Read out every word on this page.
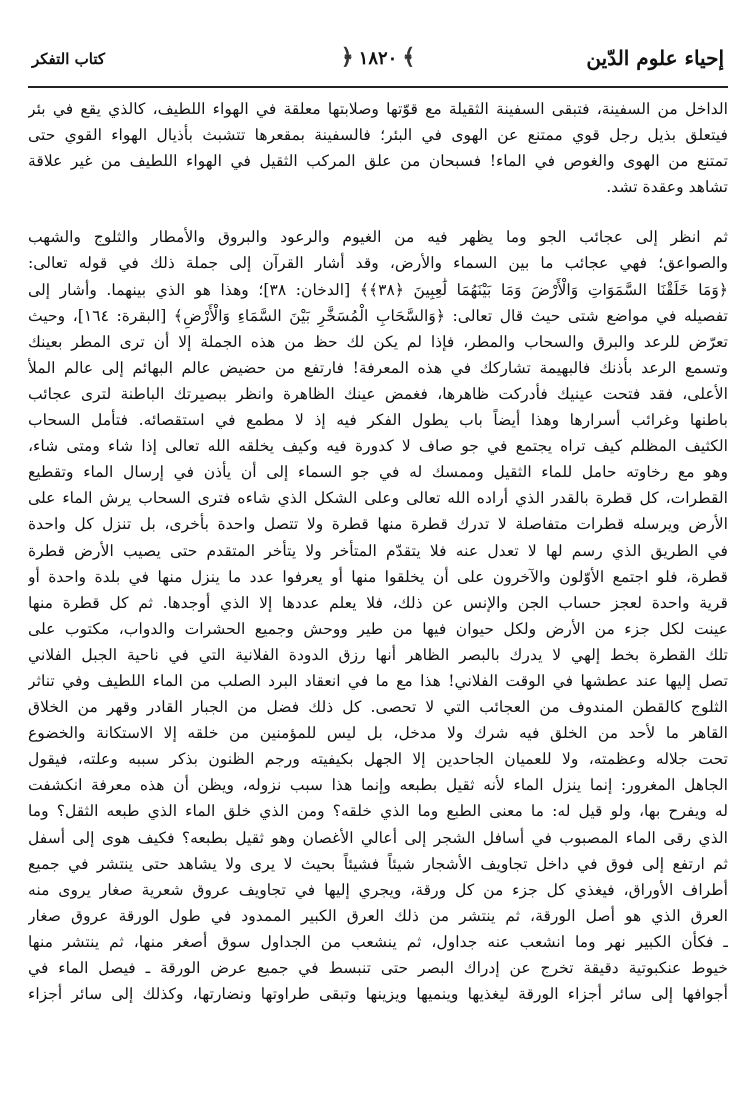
إحياء علوم الدّين
﴿ ١٨٢٠ ﴾
كتاب التفكر
الداخل من السفينة، فتبقى السفينة الثقيلة مع قوّتها وصلابتها معلقة في الهواء اللطيف، كالذي يقع في بئر
فيتعلق بذيل رجل قوي ممتنع عن الهوى في البئر؛ فالسفينة بمقعرها تتشبث بأذيال الهواء القوي حتى
تمتنع من الهوى والغوص في الماء! فسبحان من علق المركب الثقيل في الهواء اللطيف من غير علاقة
تشاهد وعقدة تشد.
ثم انظر إلى عجائب الجو وما يظهر فيه من الغيوم والرعود والبروق والأمطار والثلوج والشهب
والصواعق؛ فهي عجائب ما بين السماء والأرض، وقد أشار القرآن إلى جملة ذلك في قوله تعالى:
﴿وَمَا خَلَقْنَا السَّمَوَاتِ وَالْأَرْضَ وَمَا بَيْنَهُمَا لَٰعِبِينَ ﴿٣٨﴾﴾ [الدخان: ٣٨]؛ وهذا هو الذي بينهما. وأشار إلى
تفصيله في مواضع شتى حيث قال تعالى: ﴿وَالسَّحَابِ الْمُسَخَّرِ بَيْنَ السَّمَاءِ وَالْأَرْضِ﴾ [البقرة: ١٦٤]، وحيث
تعرّض للرعد والبرق والسحاب والمطر، فإذا لم يكن لك حظ من هذه الجملة إلا أن ترى المطر بعينك
وتسمع الرعد بأذنك فالبهيمة تشاركك في هذه المعرفة! فارتفع من حضيض عالم البهائم إلى عالم الملأ
الأعلى، فقد فتحت عينيك فأدركت ظاهرها، فغمض عينك الظاهرة وانظر ببصيرتك الباطنة لترى عجائب
باطنها وغرائب أسرارها وهذا أيضاً باب يطول الفكر فيه إذ لا مطمع في استقصائه. فتأمل السحاب
الكثيف المظلم كيف تراه يجتمع في جو صاف لا كدورة فيه وكيف يخلقه الله تعالى إذا شاء ومتى شاء،
وهو مع رخاوته حامل للماء الثقيل وممسك له في جو السماء إلى أن يأذن في إرسال الماء وتقطيع
القطرات، كل قطرة بالقدر الذي أراده الله تعالى وعلى الشكل الذي شاءه فترى السحاب يرش الماء على
الأرض ويرسله قطرات متفاصلة لا تدرك قطرة منها قطرة ولا تتصل واحدة بأخرى، بل تنزل كل واحدة
في الطريق الذي رسم لها لا تعدل عنه فلا يتقدّم المتأخر ولا يتأخر المتقدم حتى يصيب الأرض قطرة
قطرة، فلو اجتمع الأوّلون والآخرون على أن يخلقوا منها أو يعرفوا عدد ما ينزل منها في بلدة واحدة أو
قرية واحدة لعجز حساب الجن والإنس عن ذلك، فلا يعلم عددها إلا الذي أوجدها. ثم كل قطرة منها
عينت لكل جزء من الأرض ولكل حيوان فيها من طير ووحش وجميع الحشرات والدواب، مكتوب على
تلك القطرة بخط إلهي لا يدرك بالبصر الظاهر أنها رزق الدودة الفلانية التي في ناحية الجبل الفلاني
تصل إليها عند عطشها في الوقت الفلاني! هذا مع ما في انعقاد البرد الصلب من الماء اللطيف وفي تناثر
الثلوج كالقطن المندوف من العجائب التي لا تحصى. كل ذلك فضل من الجبار القادر وقهر من الخلاق
القاهر ما لأحد من الخلق فيه شرك ولا مدخل، بل ليس للمؤمنين من خلقه إلا الاستكانة والخضوع
تحت جلاله وعظمته، ولا للعميان الجاحدين إلا الجهل بكيفيته ورجم الظنون بذكر سببه وعلته، فيقول
الجاهل المغرور: إنما ينزل الماء لأنه ثقيل بطبعه وإنما هذا سبب نزوله، ويظن أن هذه معرفة انكشفت
له ويفرح بها، ولو قيل له: ما معنى الطبع وما الذي خلقه؟ ومن الذي خلق الماء الذي طبعه الثقل؟ وما
الذي رقى الماء المصبوب في أسافل الشجر إلى أعالي الأغصان وهو ثقيل بطبعه؟ فكيف هوى إلى أسفل
ثم ارتفع إلى فوق في داخل تجاويف الأشجار شيئاً فشيئاً بحيث لا يرى ولا يشاهد حتى ينتشر في جميع
أطراف الأوراق، فيغذي كل جزء من كل ورقة، ويجري إليها في تجاويف عروق شعرية صغار يروى منه
العرق الذي هو أصل الورقة، ثم ينتشر من ذلك العرق الكبير الممدود في طول الورقة عروق صغار
ـ فكأن الكبير نهر وما انشعب عنه جداول، ثم ينشعب من الجداول سوق أصغر منها، ثم ينتشر منها
خيوط عنكبوتية دقيقة تخرج عن إدراك البصر حتى تنبسط في جميع عرض الورقة ـ فيصل الماء في
أجوافها إلى سائر أجزاء الورقة ليغذيها وينميها ويزينها وتبقى طراوتها ونضارتها، وكذلك إلى سائر أجزاء
